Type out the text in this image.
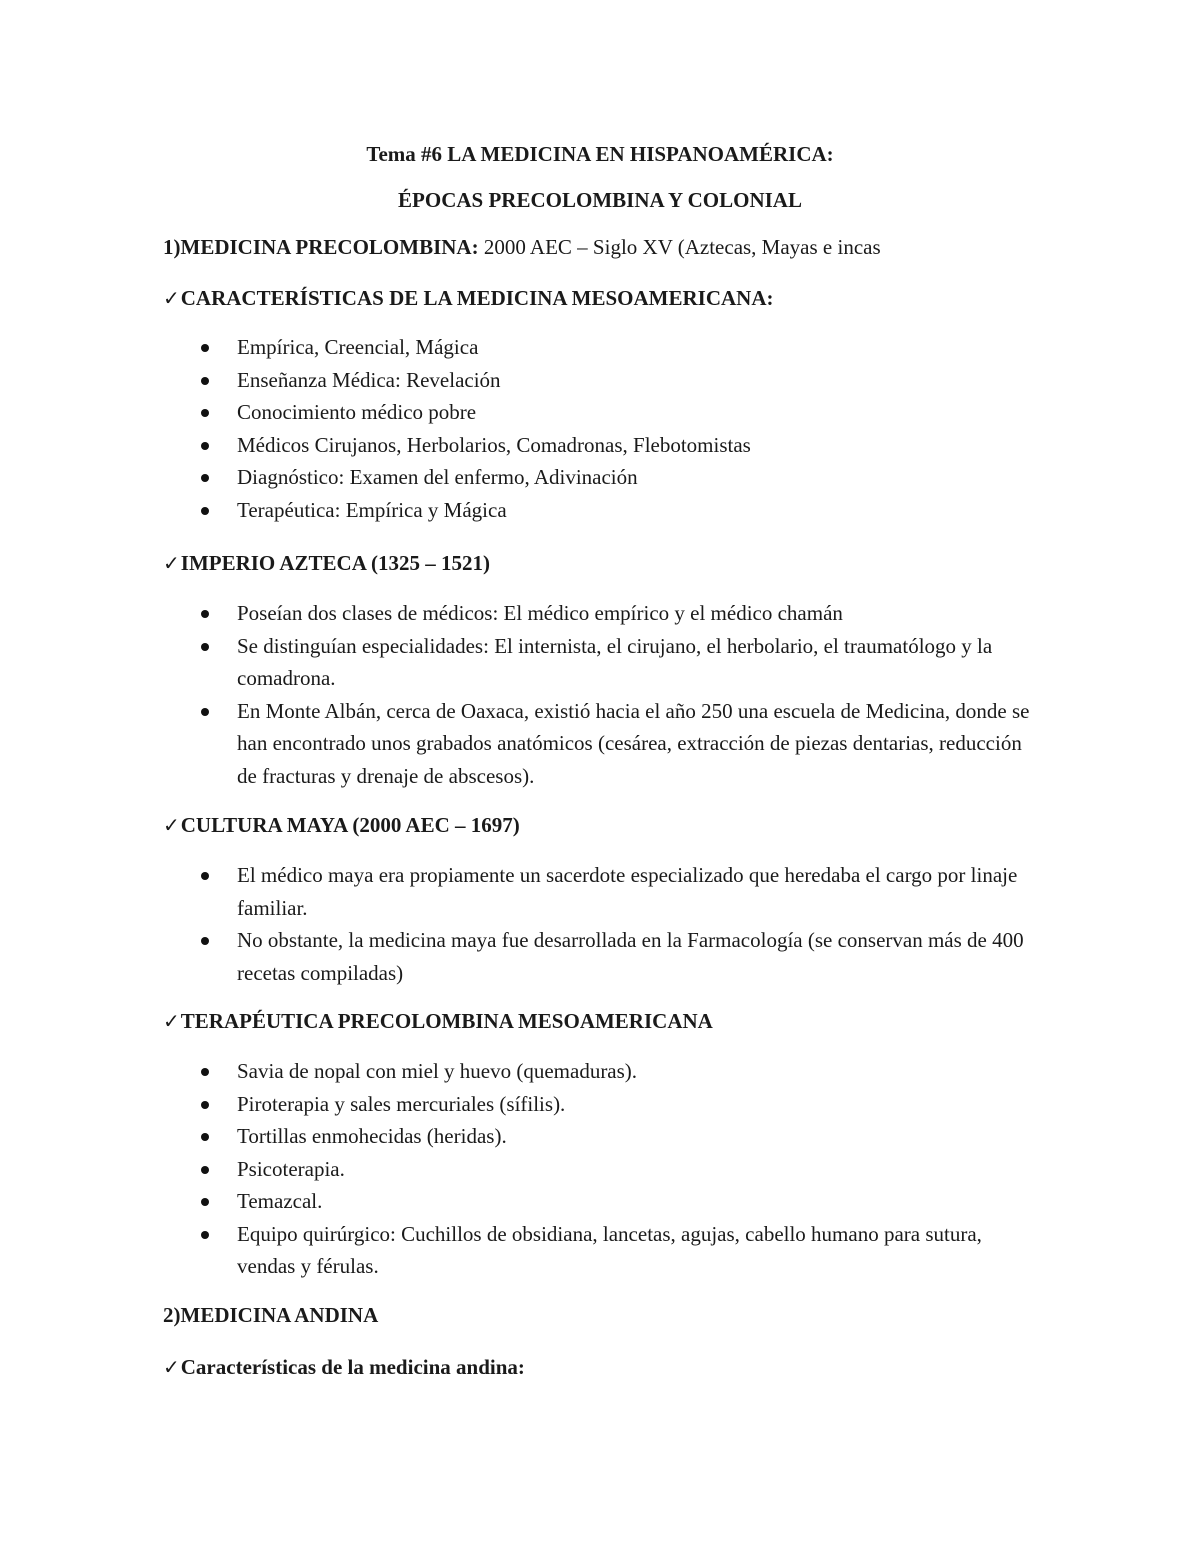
Tema #6 LA MEDICINA EN HISPANOAMÉRICA:
ÉPOCAS PRECOLOMBINA Y COLONIAL
1)MEDICINA PRECOLOMBINA: 2000 AEC – Siglo XV (Aztecas, Mayas e incas
✓CARACTERÍSTICAS DE LA MEDICINA MESOAMERICANA:
Empírica, Creencial, Mágica
Enseñanza Médica: Revelación
Conocimiento médico pobre
Médicos Cirujanos, Herbolarios, Comadronas, Flebotomistas
Diagnóstico: Examen del enfermo, Adivinación
Terapéutica: Empírica y Mágica
✓IMPERIO AZTECA (1325 – 1521)
Poseían dos clases de médicos: El médico empírico y el médico chamán
Se distinguían especialidades: El internista, el cirujano, el herbolario, el traumatólogo y la comadrona.
En Monte Albán, cerca de Oaxaca, existió hacia el año 250 una escuela de Medicina, donde se han encontrado unos grabados anatómicos (cesárea, extracción de piezas dentarias, reducción de fracturas y drenaje de abscesos).
✓CULTURA MAYA (2000 AEC – 1697)
El médico maya era propiamente un sacerdote especializado que heredaba el cargo por linaje familiar.
No obstante, la medicina maya fue desarrollada en la Farmacología (se conservan más de 400 recetas compiladas)
✓TERAPÉUTICA PRECOLOMBINA MESOAMERICANA
Savia de nopal con miel y huevo (quemaduras).
Piroterapia y sales mercuriales (sífilis).
Tortillas enmohecidas (heridas).
Psicoterapia.
Temazcal.
Equipo quirúrgico: Cuchillos de obsidiana, lancetas, agujas, cabello humano para sutura, vendas y férulas.
2)MEDICINA ANDINA
✓Características de la medicina andina:
